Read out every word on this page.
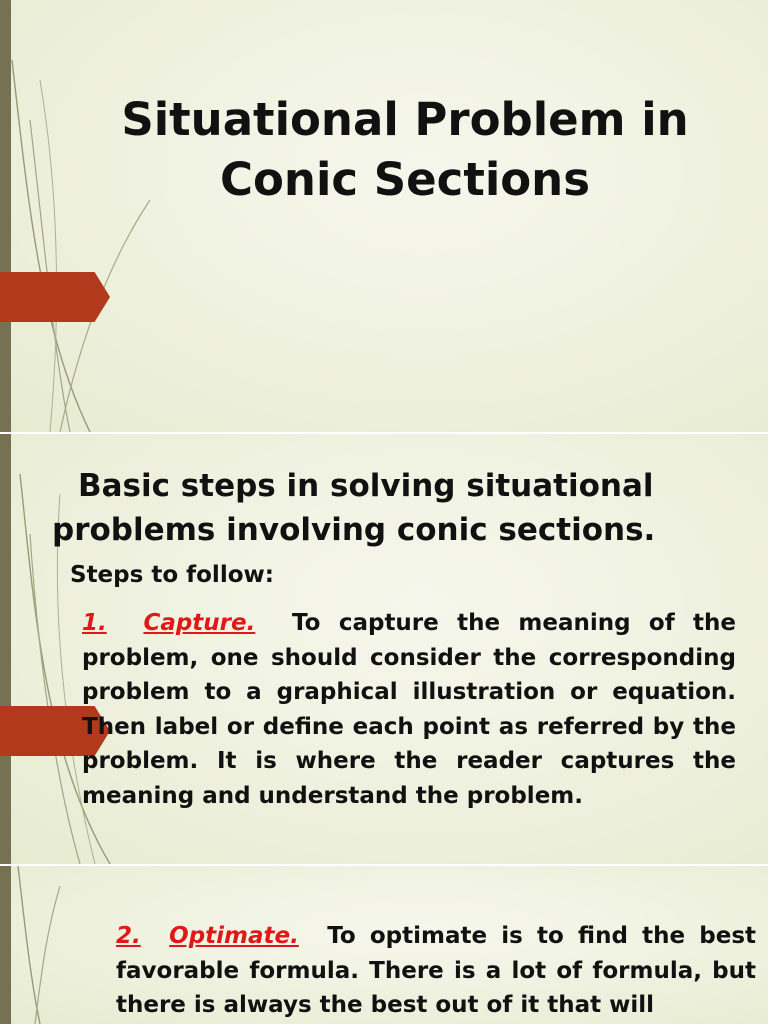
Situational Problem in Conic Sections
Basic steps in solving situational
problems involving conic sections.
Steps to follow:
1. Capture. To capture the meaning of the problem, one should consider the corresponding problem to a graphical illustration or equation. Then label or define each point as referred by the problem. It is where the reader captures the meaning and understand the problem.
2. Optimate. To optimate is to find the best favorable formula. There is a lot of formula, but there is always the best out of it that will
